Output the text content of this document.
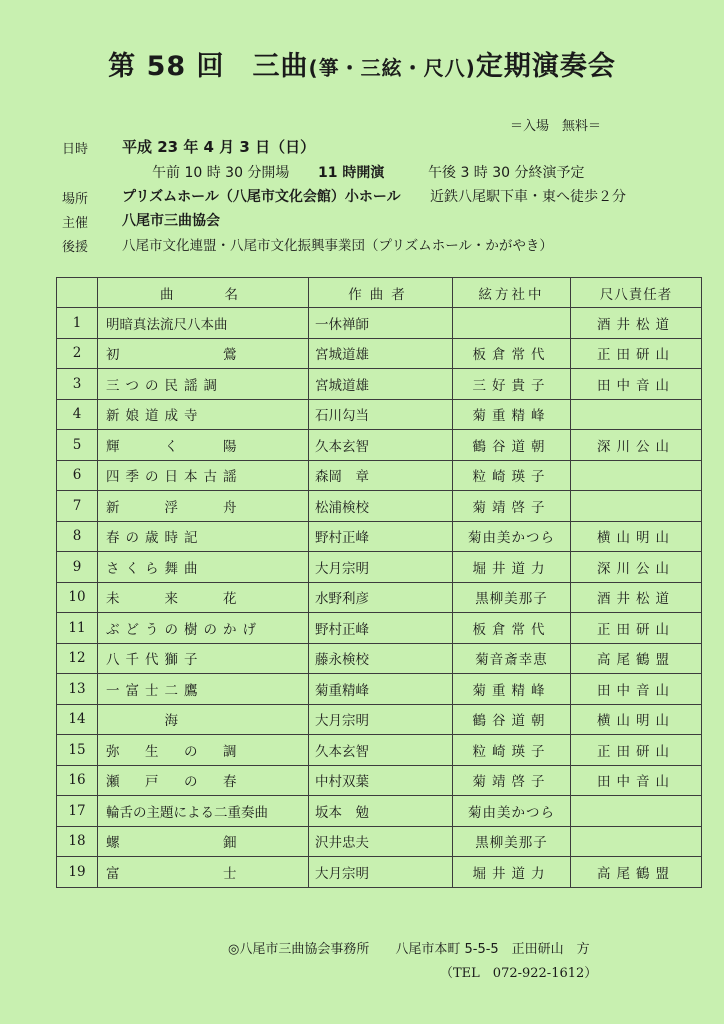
第 58 回　三曲(箏・三絃・尺八)定期演奏会
＝入場　無料＝
日時 平成 23 年 4 月 3 日（日）
午前 10 時 30 分開場 11 時開演	午後 3 時 30 分終演予定
場所 プリズムホール（八尾市文化会館）小ホール 近鉄八尾駅下車・東へ徒歩２分
主催 八尾市三曲協会
後援	八尾市文化連盟・八尾市文化振興事業団（プリズムホール・かがやき）
	曲　　名	作曲者	絃方社中	尺八責任者
1	明暗真法流尺八本曲	一休禅師		酒井松道
2	初　　　　　鶯	宮城道雄	板倉常代	正田研山
3	三つの民謡調	宮城道雄	三好貴子	田中音山
4	新娘道成寺	石川勾当	菊重精峰	
5	輝　　く　　陽	久本玄智	鶴谷道朝	深川公山
6	四季の日本古謡	森岡　章	粒崎瑛子	
7	新　　浮　　舟	松浦検校	菊靖啓子	
8	春の歳時記	野村正峰	菊由美かつら	横山明山
9	さくら舞曲	大月宗明	堀井道力	深川公山
10	未　　来　　花	水野利彦	黒柳美那子	酒井松道
11	ぶどうの樹のかげ	野村正峰	板倉常代	正田研山
12	八千代獅子	藤永検校	菊音斎幸恵	高尾鶴盟
13	一富士二鷹	菊重精峰	菊重精峰	田中音山
14	　　　海	大月宗明	鶴谷道朝	横山明山
15	弥　生　の　調	久本玄智	粒崎瑛子	正田研山
16	瀬　戸　の　春	中村双葉	菊靖啓子	田中音山
17	輪舌の主題による二重奏曲	坂本　勉	菊由美かつら	
18	螺　　　　　鈿	沢井忠夫	黒柳美那子	
19	富　　　　　士	大月宗明	堀井道力	高尾鶴盟
◎八尾市三曲協会事務所　　八尾市本町 5-5-5　正田研山　方
（TEL　072-922-1612）
